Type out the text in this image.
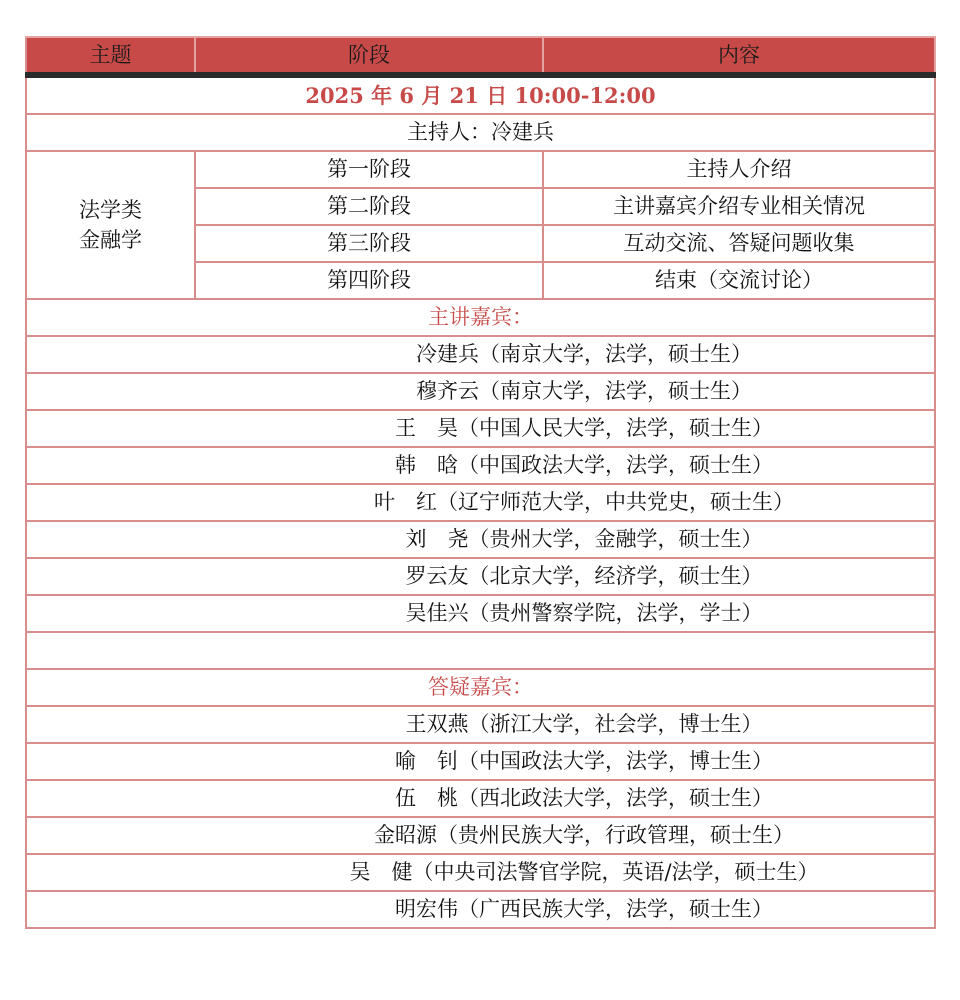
主题	阶段	内容
2025 年 6 月 21 日 10:00-12:00		
主持人：冷建兵		

法学类
金融学	第一阶段	主持人介绍
	第二阶段	主讲嘉宾介绍专业相关情况
	第三阶段	互动交流、答疑问题收集
	第四阶段	结束（交流讨论）
主讲嘉宾：		
冷建兵（南京大学，法学，硕士生）		
穆齐云（南京大学，法学，硕士生）		
王　昊（中国人民大学，法学，硕士生）		
韩　晗（中国政法大学，法学，硕士生）		
叶　红（辽宁师范大学，中共党史，硕士生）		
刘　尧（贵州大学，金融学，硕士生）		
罗云友（北京大学，经济学，硕士生）		
吴佳兴（贵州警察学院，法学，学士）		

答疑嘉宾：		
王双燕（浙江大学，社会学，博士生）		
喻　钊（中国政法大学，法学，博士生）		
伍　桃（西北政法大学，法学，硕士生）		
金昭源（贵州民族大学，行政管理，硕士生）		
吴　健（中央司法警官学院，英语/法学，硕士生）		
明宏伟（广西民族大学，法学，硕士生）		
